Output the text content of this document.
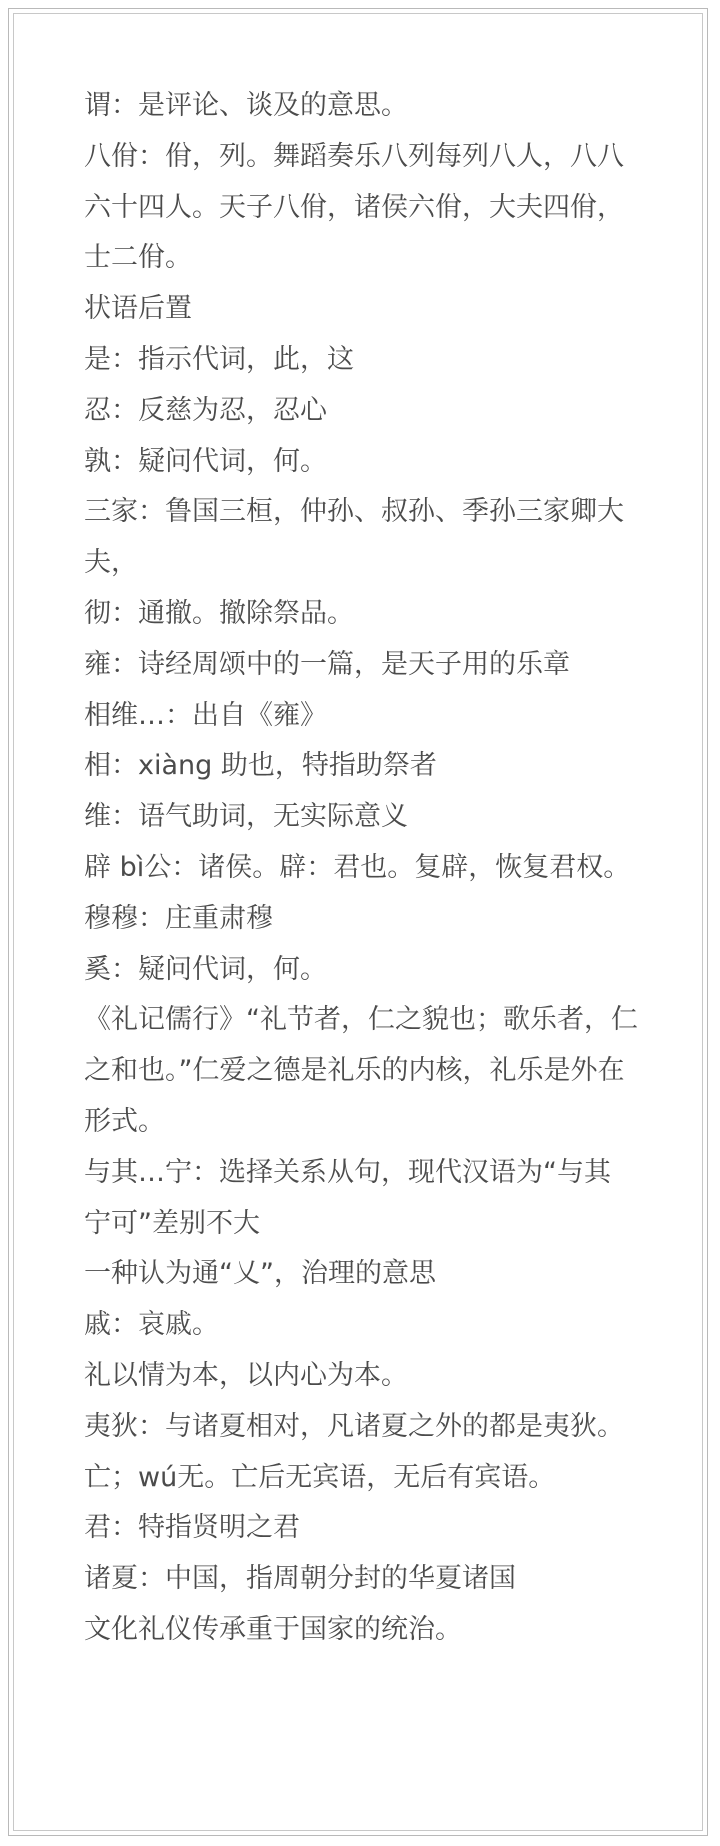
谓：是评论、谈及的意思。
八佾：佾，列。舞蹈奏乐八列每列八人，八八六十四人。天子八佾，诸侯六佾，大夫四佾，士二佾。
状语后置
是：指示代词，此，这
忍：反慈为忍，忍心
孰：疑问代词，何。
三家：鲁国三桓，仲孙、叔孙、季孙三家卿大夫，
彻：通撤。撤除祭品。
雍：诗经周颂中的一篇，是天子用的乐章
相维…：出自《雍》
相：xiàng 助也，特指助祭者
维：语气助词，无实际意义
辟 bì公：诸侯。辟：君也。复辟，恢复君权。
穆穆：庄重肃穆
奚：疑问代词，何。
《礼记儒行》“礼节者，仁之貌也；歌乐者，仁之和也。”仁爱之德是礼乐的内核，礼乐是外在形式。
与其…宁：选择关系从句，现代汉语为“与其　宁可”差别不大
一种认为通“乂”，治理的意思
戚：哀戚。
礼以情为本，以内心为本。
夷狄：与诸夏相对，凡诸夏之外的都是夷狄。
亡；wú无。亡后无宾语，无后有宾语。
君：特指贤明之君
诸夏：中国，指周朝分封的华夏诸国
文化礼仪传承重于国家的统治。
